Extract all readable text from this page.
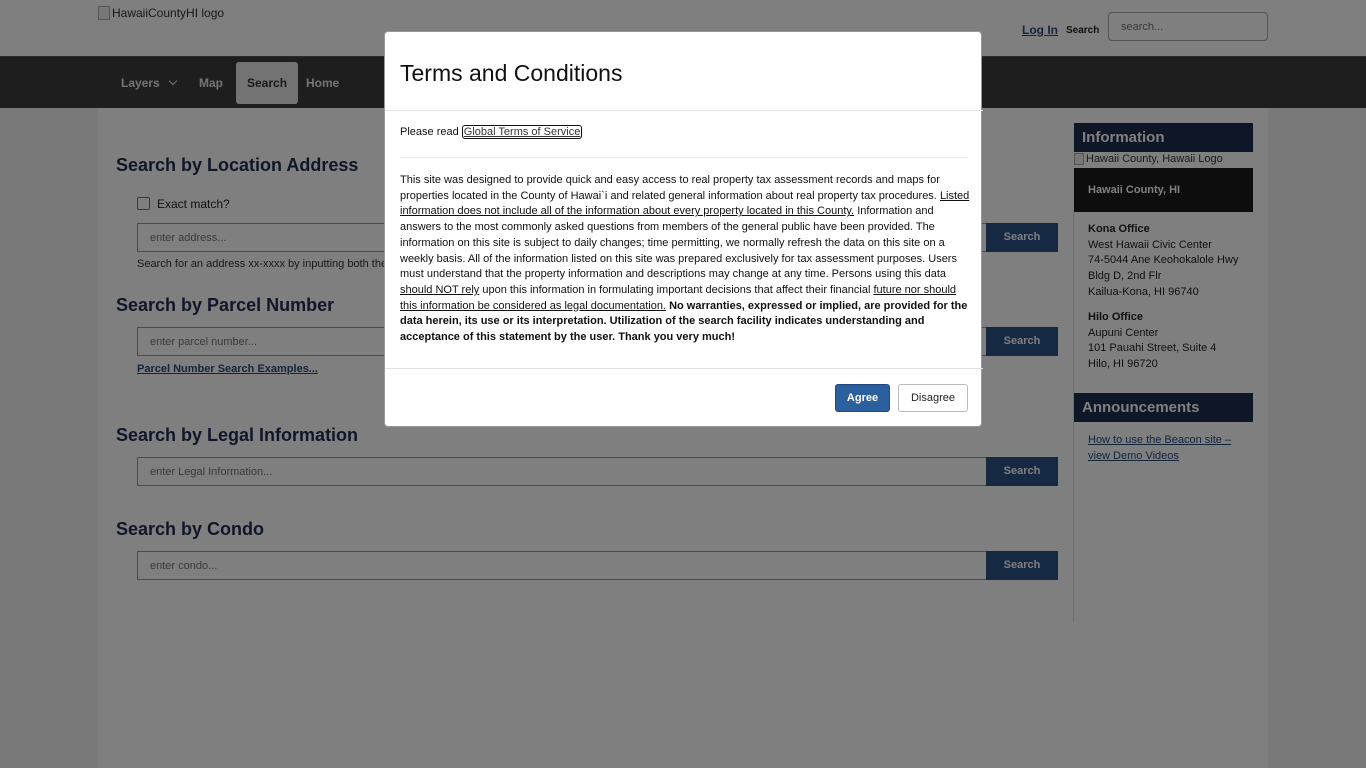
search...
enter address...
enter parcel number...
enter Legal Information...
enter condo...
Terms and Conditions
Please read Global Terms of Service
This site was designed to provide quick and easy access to real property tax assessment records and maps for properties located in the County of Hawai`i and related general information about real property tax procedures. Listed information does not include all of the information about every property located in this County. Information and answers to the most commonly asked questions from members of the general public have been provided. The information on this site is subject to daily changes; time permitting, we normally refresh the data on this site on a weekly basis. All of the information listed on this site was prepared exclusively for tax assessment purposes. Users must understand that the property information and descriptions may change at any time. Persons using this data should NOT rely upon this information in formulating important decisions that affect their financial future nor should this information be considered as legal documentation. No warranties, expressed or implied, are provided for the data herein, its use or its interpretation. Utilization of the search facility indicates understanding and acceptance of this statement by the user. Thank you very much!
Agree	Disagree
